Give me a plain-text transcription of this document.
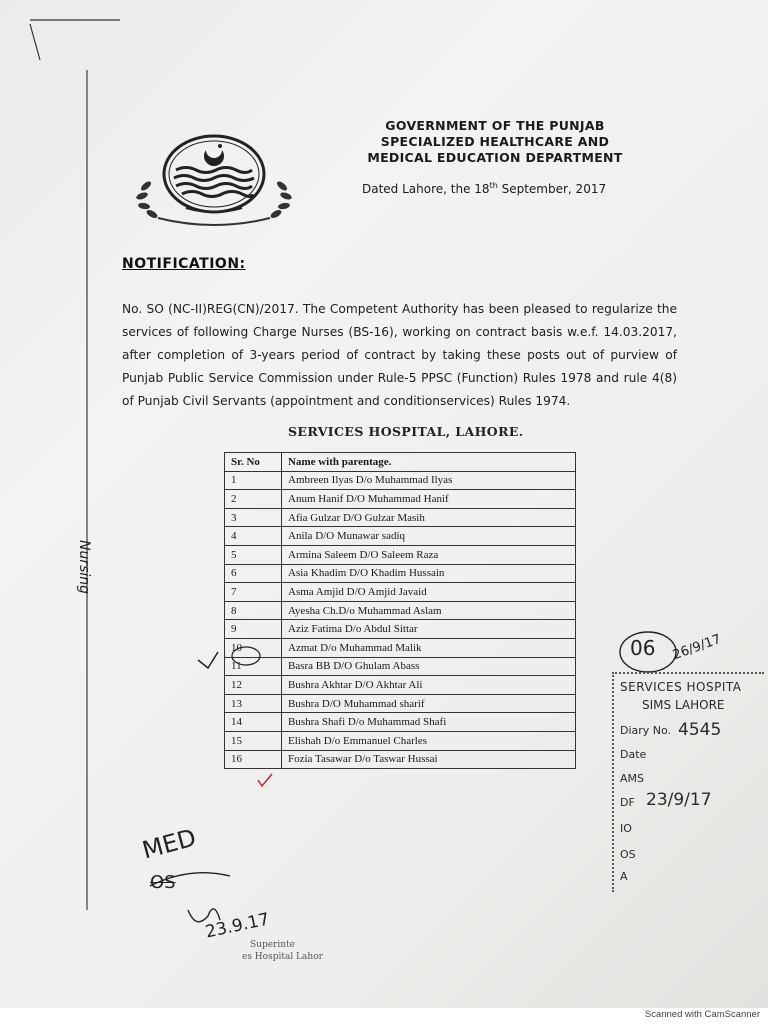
GOVERNMENT OF THE PUNJAB
SPECIALIZED HEALTHCARE AND
MEDICAL EDUCATION DEPARTMENT
Dated Lahore, the 18th September, 2017
NOTIFICATION:
No. SO (NC-II)REG(CN)/2017. The Competent Authority has been pleased to regularize the services of following Charge Nurses (BS-16), working on contract basis w.e.f. 14.03.2017, after completion of 3-years period of contract by taking these posts out of purview of Punjab Public Service Commission under Rule-5 PPSC (Function) Rules 1978 and rule 4(8) of Punjab Civil Servants (appointment and conditionservices) Rules 1974.
SERVICES HOSPITAL, LAHORE.
Sr. No	Name with parentage.
1	Ambreen Ilyas D/o Muhammad Ilyas
2	Anum Hanif D/O Muhammad Hanif
3	Afia Gulzar D/O Gulzar Masih
4	Anila D/O Munawar sadiq
5	Armina Saleem D/O Saleem Raza
6	Asia Khadim D/O Khadim Hussain
7	Asma Amjid D/O Amjid Javaid
8	Ayesha Ch.D/o Muhammad Aslam
9	Aziz Fatima D/o Abdul Sittar
10	Azmat D/o Muhammad Malik
11	Basra BB D/O Ghulam Abass
12	Bushra Akhtar D/O Akhtar Ali
13	Bushra D/O Muhammad sharif
14	Bushra Shafi D/o Muhammad Shafi
15	Elishah D/o Emmanuel Charles
16	Fozia Tasawar D/o Taswar Hussai
Nursing
06 26/9/17
MED
OS
23.9.17
Superinte
es Hospital Lahor
SERVICES HOSPITA
SIMS LAHORE
Diary No. 4545
Date
AMS
DF 23/9/17
IO
OS
A
Scanned with CamScanner
